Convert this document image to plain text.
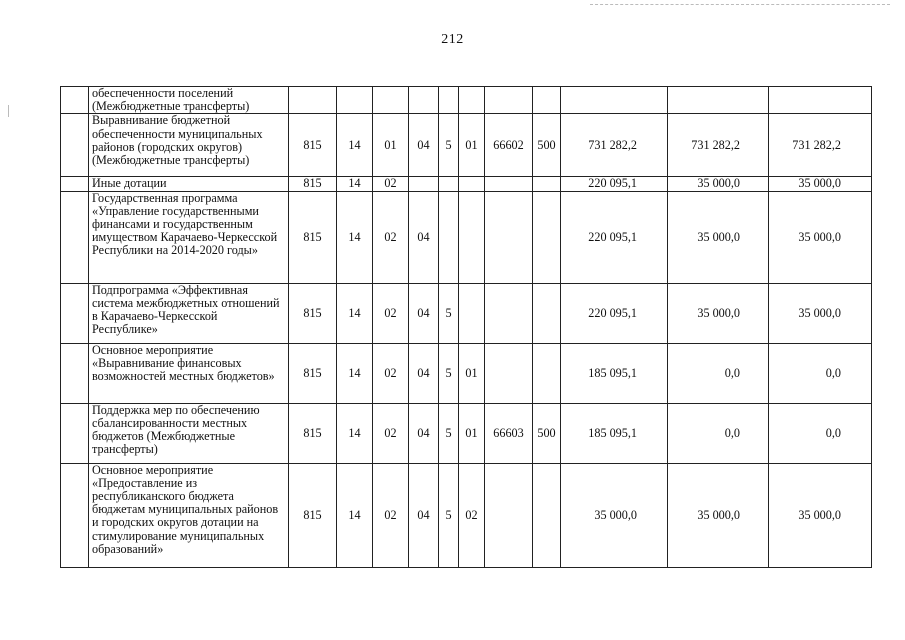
212
	обеспеченности поселений (Межбюджетные трансферты)											
	Выравнивание бюджетной обеспеченности муниципальных районов (городских округов) (Межбюджетные трансферты)	815	14	01	04	5	01	66602	500	731 282,2	731 282,2	731 282,2
	Иные дотации	815	14	02						220 095,1	35 000,0	35 000,0
	Государственная программа «Управление государственными финансами и государственным имуществом Карачаево-Черкесской Республики на 2014-2020 годы»	815	14	02	04					220 095,1	35 000,0	35 000,0
	Подпрограмма «Эффективная система межбюджетных отношений в Карачаево-Черкесской Республике»	815	14	02	04	5				220 095,1	35 000,0	35 000,0
	Основное мероприятие «Выравнивание финансовых возможностей местных бюджетов»	815	14	02	04	5	01			185 095,1	0,0	0,0
	Поддержка мер по обеспечению сбалансированности местных бюджетов (Межбюджетные трансферты)	815	14	02	04	5	01	66603	500	185 095,1	0,0	0,0
	Основное мероприятие «Предоставление из республиканского бюджета бюджетам муниципальных районов и городских округов дотации на стимулирование муниципальных образований»	815	14	02	04	5	02			35 000,0	35 000,0	35 000,0
